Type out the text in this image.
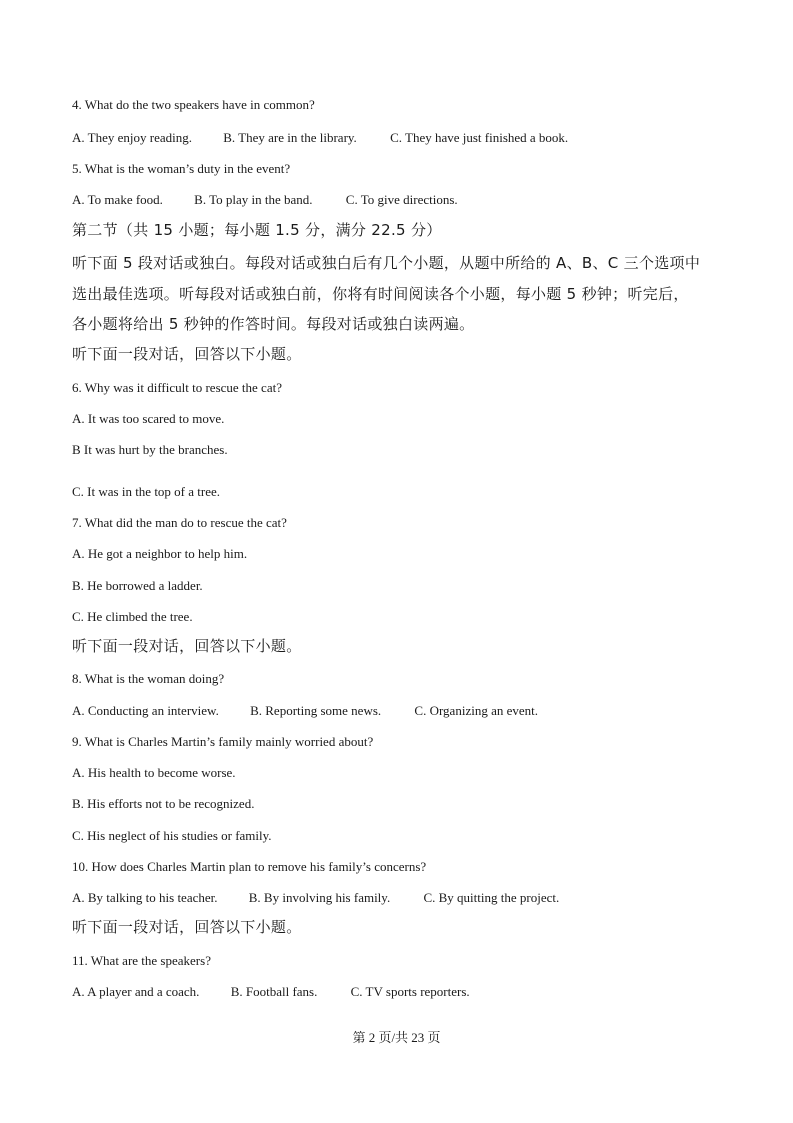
4. What do the two speakers have in common?
A. They enjoy reading. B. They are in the library.	C. They have just finished a book.
5. What is the woman’s duty in the event?
A. To make food. B. To play in the band.	C. To give directions.
第二节（共 15 小题；每小题 1.5 分，满分 22.5 分）
听下面 5 段对话或独白。每段对话或独白后有几个小题，从题中所给的 A、B、C 三个选项中
选出最佳选项。听每段对话或独白前，你将有时间阅读各个小题，每小题 5 秒钟；听完后，
各小题将给出 5 秒钟的作答时间。每段对话或独白读两遍。
听下面一段对话，回答以下小题。
6. Why was it difficult to rescue the cat?
A. It was too scared to move.
B It was hurt by the branches.
C. It was in the top of a tree.
7. What did the man do to rescue the cat?
A. He got a neighbor to help him.
B. He borrowed a ladder.
C. He climbed the tree.
听下面一段对话，回答以下小题。
8. What is the woman doing?
A. Conducting an interview. B. Reporting some news.	C. Organizing an event.
9. What is Charles Martin’s family mainly worried about?
A. His health to become worse.
B. His efforts not to be recognized.
C. His neglect of his studies or family.
10. How does Charles Martin plan to remove his family’s concerns?
A. By talking to his teacher. B. By involving his family.	C. By quitting the project.
听下面一段对话，回答以下小题。
11. What are the speakers?
A. A player and a coach. B. Football fans.	C. TV sports reporters.
第 2 页/共 23 页
